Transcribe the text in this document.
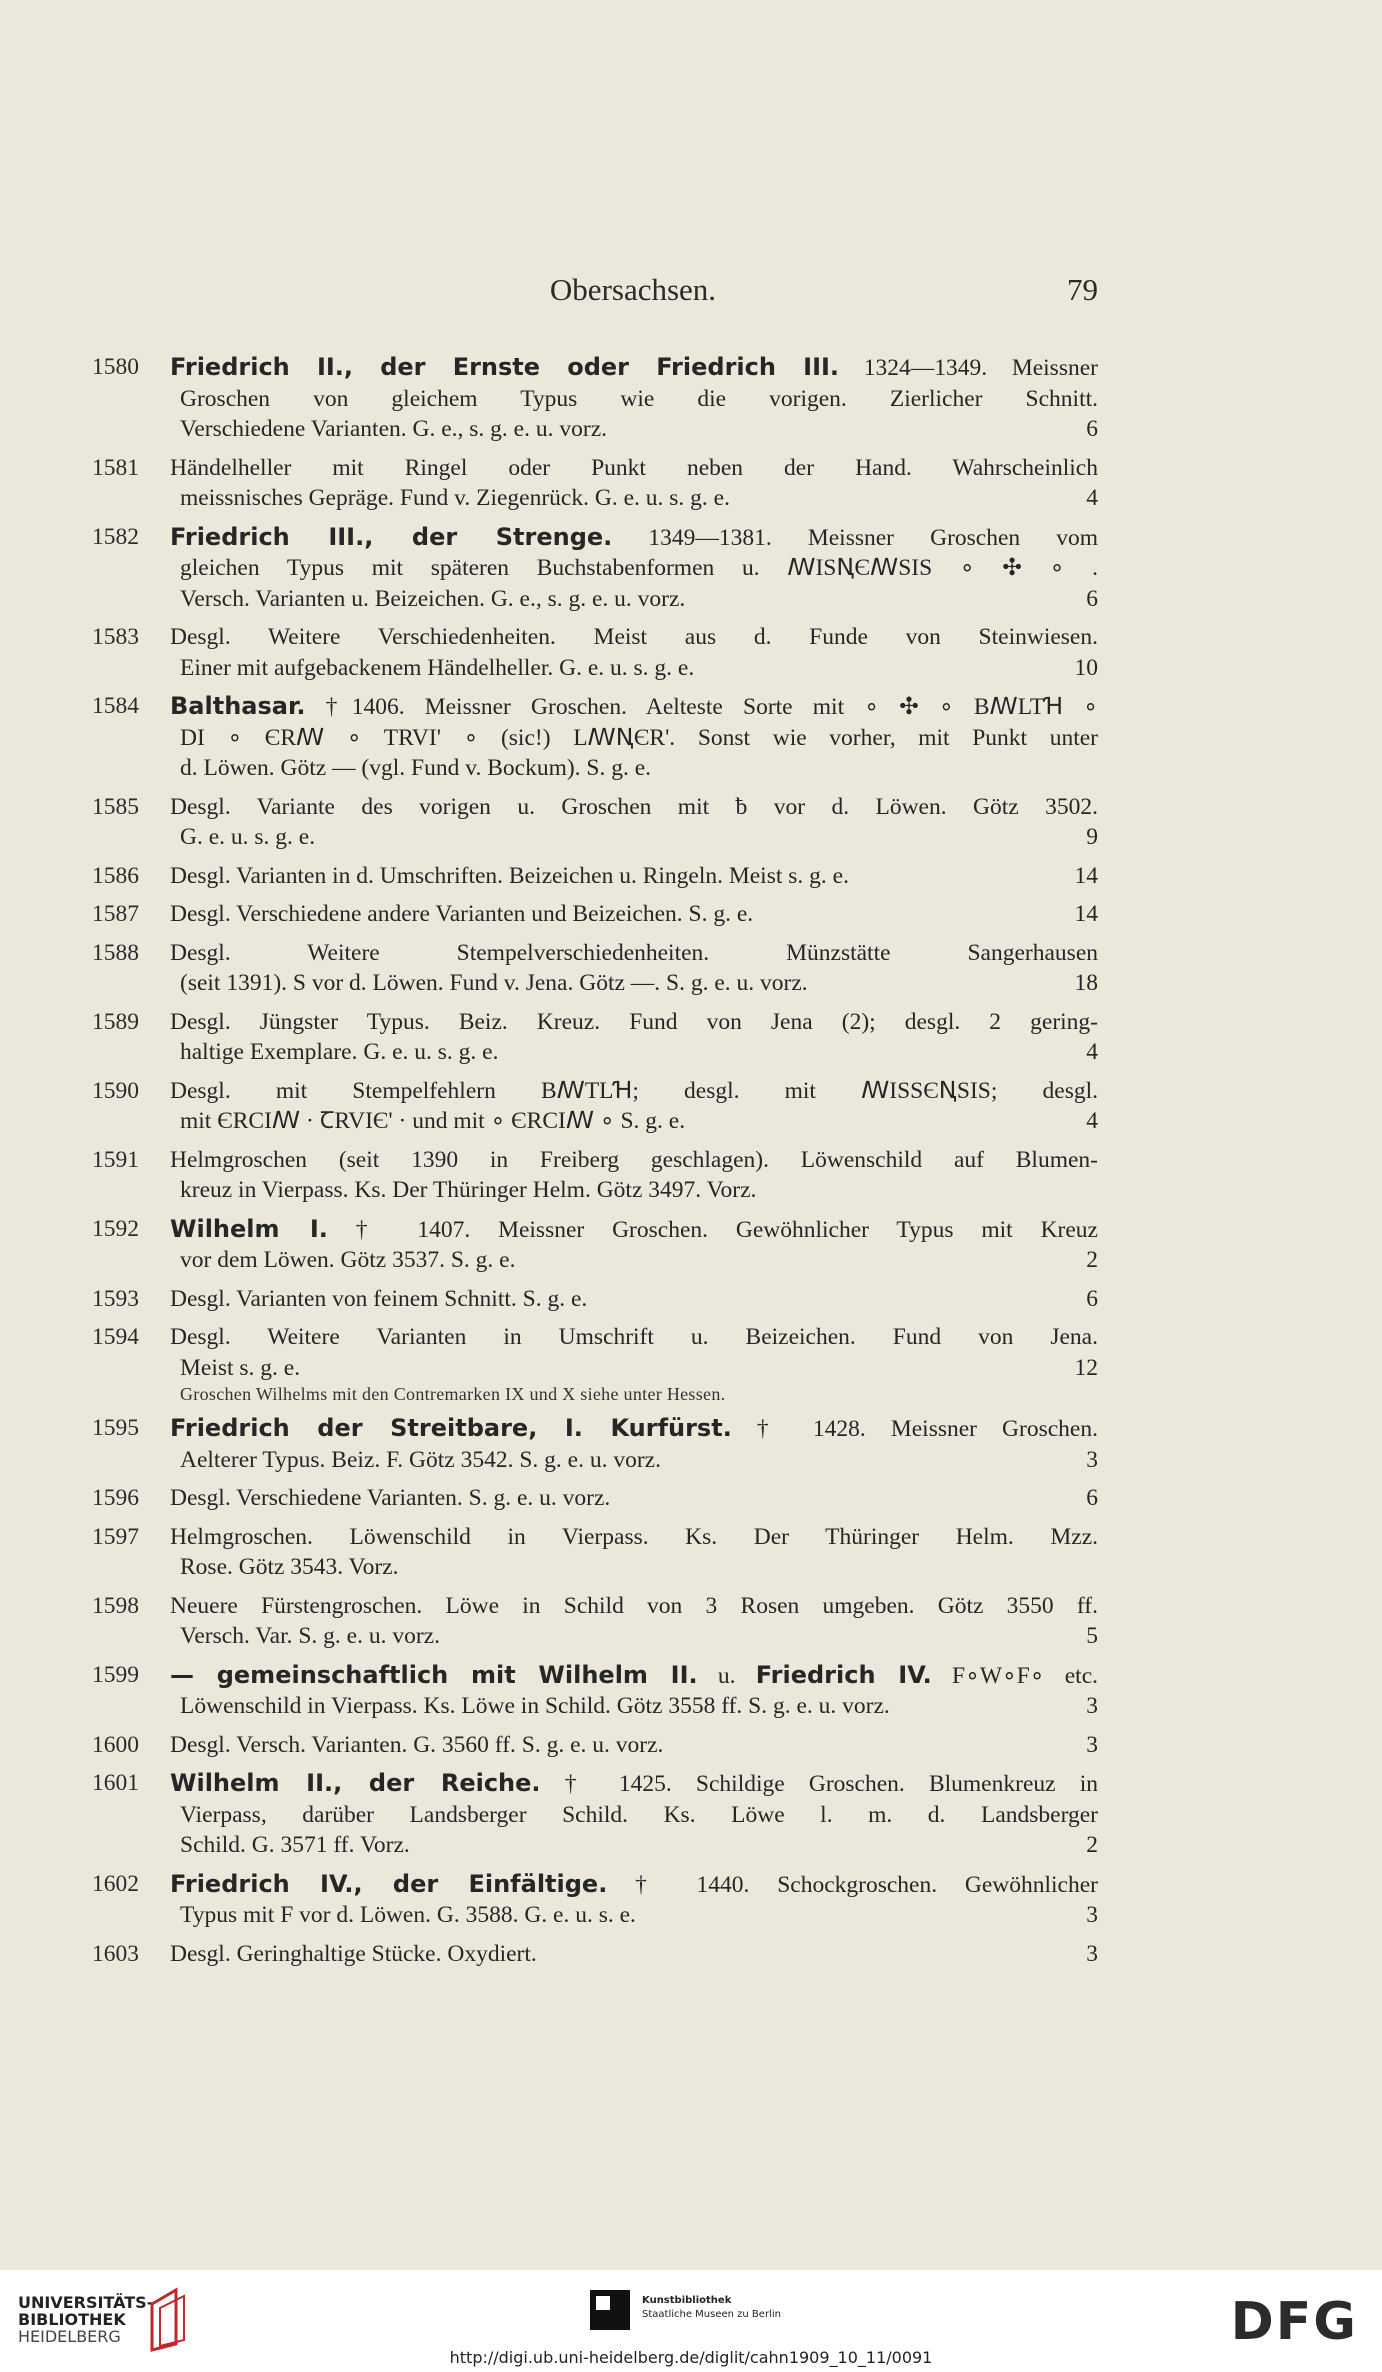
Obersachsen.	79
1580	Friedrich II., der Ernste oder Friedrich III. 1324—1349. Meissner
Groschen von gleichem Typus wie die vorigen. Zierlicher Schnitt.
Verschiedene Varianten. G. e., s. g. e. u. vorz.	6
1581	Händelheller mit Ringel oder Punkt neben der Hand. Wahrscheinlich
meissnisches Gepräge. Fund v. Ziegenrück. G. e. u. s. g. e.	4
1582	Friedrich III., der Strenge. 1349—1381. Meissner Groschen vom
gleichen Typus mit späteren Buchstabenformen u. ꟿISꞐЄꟿSIS ∘ ✣ ∘ .
Versch. Varianten u. Beizeichen. G. e., s. g. e. u. vorz.	6
1583	Desgl. Weitere Verschiedenheiten. Meist aus d. Funde von Steinwiesen.
Einer mit aufgebackenem Händelheller. G. e. u. s. g. e.	10
1584	Balthasar. †1406. Meissner Groschen. Aelteste Sorte mit ∘ ✣ ∘ BꟿLTꞪ ∘
DI ∘ ЄRꟿ ∘ TRVI' ∘ (sic!) LꟿꞐЄR'. Sonst wie vorher, mit Punkt unter
d. Löwen. Götz — (vgl. Fund v. Bockum). S. g. e.
1585	Desgl. Variante des vorigen u. Groschen mit ƀ vor d. Löwen. Götz 3502.
G. e. u. s. g. e.	9
1586	Desgl. Varianten in d. Umschriften. Beizeichen u. Ringeln. Meist s. g. e.	14
1587	Desgl. Verschiedene andere Varianten und Beizeichen. S. g. e.	14
1588	Desgl. Weitere Stempelverschiedenheiten. Münzstätte Sangerhausen
(seit 1391). S vor d. Löwen. Fund v. Jena. Götz —. S. g. e. u. vorz.	18
1589	Desgl. Jüngster Typus. Beiz. Kreuz. Fund von Jena (2); desgl. 2 gering-
haltige Exemplare. G. e. u. s. g. e.	4
1590	Desgl. mit Stempelfehlern BꟿTLꞪ; desgl. mit ꟿISSЄꞐSIS; desgl.
mit ЄRCIꟿ · ꞆRVIЄ' · und mit ∘ ЄRCIꟿ ∘ S. g. e.	4
1591	Helmgroschen (seit 1390 in Freiberg geschlagen). Löwenschild auf Blumen-
kreuz in Vierpass. Ks. Der Thüringer Helm. Götz 3497. Vorz.
1592	Wilhelm I. † 1407. Meissner Groschen. Gewöhnlicher Typus mit Kreuz
vor dem Löwen. Götz 3537. S. g. e.	2
1593	Desgl. Varianten von feinem Schnitt. S. g. e.	6
1594	Desgl. Weitere Varianten in Umschrift u. Beizeichen. Fund von Jena.
Meist s. g. e.	12
Groschen Wilhelms mit den Contremarken IX und X siehe unter Hessen.
1595	Friedrich der Streitbare, I. Kurfürst. † 1428. Meissner Groschen.
Aelterer Typus. Beiz. F. Götz 3542. S. g. e. u. vorz.	3
1596	Desgl. Verschiedene Varianten. S. g. e. u. vorz.	6
1597	Helmgroschen. Löwenschild in Vierpass. Ks. Der Thüringer Helm. Mzz.
Rose. Götz 3543. Vorz.
1598	Neuere Fürstengroschen. Löwe in Schild von 3 Rosen umgeben. Götz 3550 ff.
Versch. Var. S. g. e. u. vorz.	5
1599	— gemeinschaftlich mit Wilhelm II. u. Friedrich IV. F∘W∘F∘ etc.
Löwenschild in Vierpass. Ks. Löwe in Schild. Götz 3558 ff. S. g. e. u. vorz.	3
1600	Desgl. Versch. Varianten. G. 3560 ff. S. g. e. u. vorz.	3
1601	Wilhelm II., der Reiche. † 1425. Schildige Groschen. Blumenkreuz in
Vierpass, darüber Landsberger Schild. Ks. Löwe l. m. d. Landsberger
Schild. G. 3571 ff. Vorz.	2
1602	Friedrich IV., der Einfältige. † 1440. Schockgroschen. Gewöhnlicher
Typus mit F vor d. Löwen. G. 3588. G. e. u. s. e.	3
1603	Desgl. Geringhaltige Stücke. Oxydiert.	3
UNIVERSITÄTS-
BIBLIOTHEK
HEIDELBERG
Kunstbibliothek
Staatliche Museen zu Berlin	DFG
http://digi.ub.uni-heidelberg.de/diglit/cahn1909_10_11/0091
